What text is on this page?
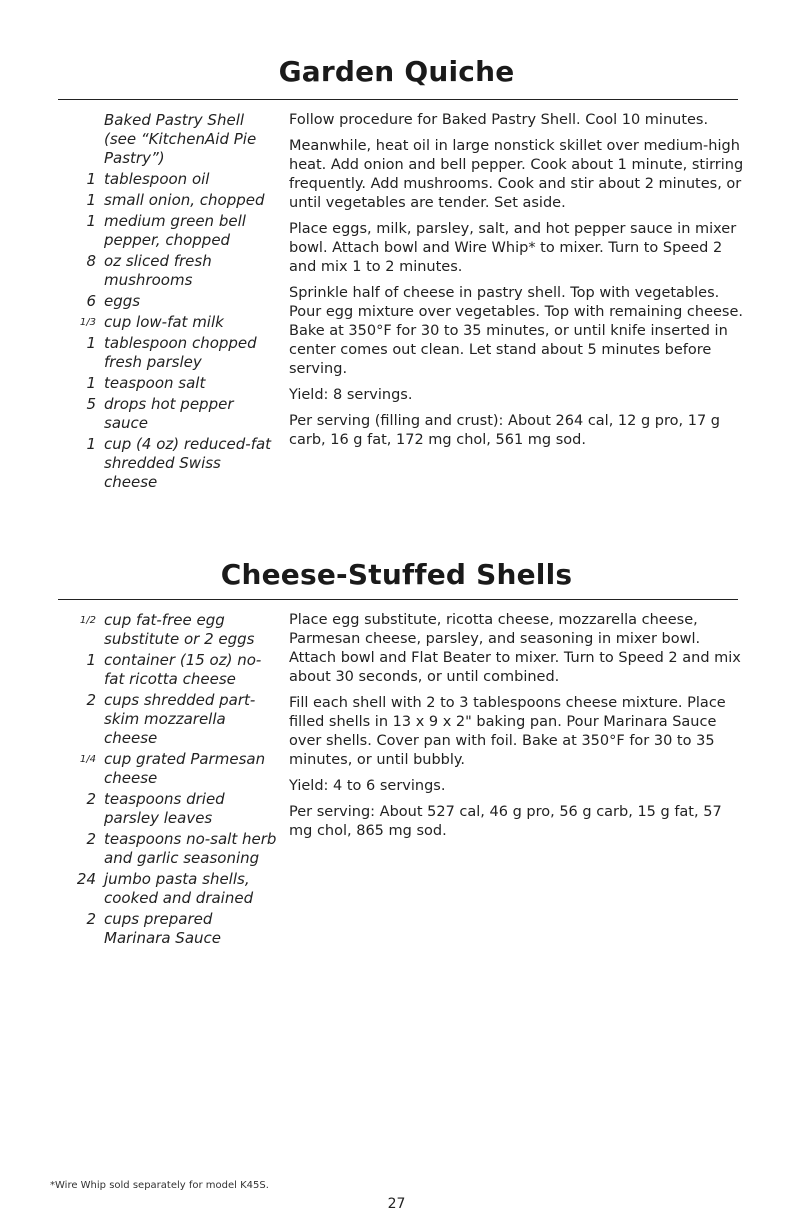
Garden Quiche
Baked Pastry Shell (see “KitchenAid Pie Pastry”)
1 tablespoon oil
1 small onion, chopped
1 medium green bell pepper, chopped
8 oz sliced fresh mushrooms
6 eggs
1/3 cup low-fat milk
1 tablespoon chopped fresh parsley
1 teaspoon salt
5 drops hot pepper sauce
1 cup (4 oz) reduced-fat shredded Swiss cheese

Follow procedure for Baked Pastry Shell. Cool 10 minutes.

Meanwhile, heat oil in large nonstick skillet over medium-high heat. Add onion and bell pepper. Cook about 1 minute, stirring frequently. Add mushrooms. Cook and stir about 2 minutes, or until vegetables are tender. Set aside.

Place eggs, milk, parsley, salt, and hot pepper sauce in mixer bowl. Attach bowl and Wire Whip* to mixer. Turn to Speed 2 and mix 1 to 2 minutes.

Sprinkle half of cheese in pastry shell. Top with vegetables. Pour egg mixture over vegetables. Top with remaining cheese. Bake at 350°F for 30 to 35 minutes, or until knife inserted in center comes out clean. Let stand about 5 minutes before serving.

Yield: 8 servings.

Per serving (filling and crust): About 264 cal, 12 g pro, 17 g carb, 16 g fat, 172 mg chol, 561 mg sod.

Cheese-Stuffed Shells
1/2 cup fat-free egg substitute or 2 eggs
1 container (15 oz) no-fat ricotta cheese
2 cups shredded part-skim mozzarella cheese
1/4 cup grated Parmesan cheese
2 teaspoons dried parsley leaves
2 teaspoons no-salt herb and garlic seasoning
24 jumbo pasta shells, cooked and drained
2 cups prepared Marinara Sauce

Place egg substitute, ricotta cheese, mozzarella cheese, Parmesan cheese, parsley, and seasoning in mixer bowl. Attach bowl and Flat Beater to mixer. Turn to Speed 2 and mix about 30 seconds, or until combined.

Fill each shell with 2 to 3 tablespoons cheese mixture. Place filled shells in 13 x 9 x 2" baking pan. Pour Marinara Sauce over shells. Cover pan with foil. Bake at 350°F for 30 to 35 minutes, or until bubbly.

Yield: 4 to 6 servings.

Per serving: About 527 cal, 46 g pro, 56 g carb, 15 g fat, 57 mg chol, 865 mg sod.

*Wire Whip sold separately for model K45S.
27
